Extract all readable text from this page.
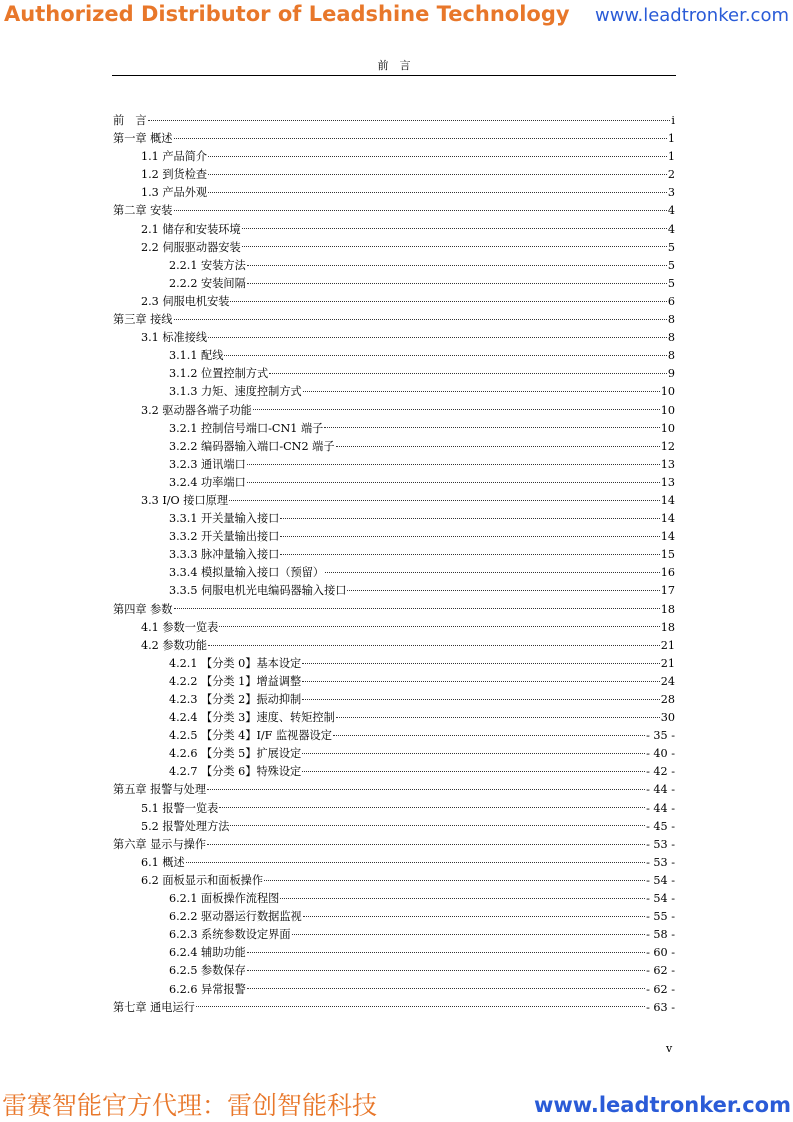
Authorized Distributor of Leadshine Technology www.leadtronker.com
前　言
前　言	i
第一章 概述	1
1.1 产品简介	1
1.2 到货检查	2
1.3 产品外观	3
第二章 安装	4
2.1 储存和安装环境	4
2.2 伺服驱动器安装	5
2.2.1 安装方法	5
2.2.2 安装间隔	5
2.3 伺服电机安装	6
第三章 接线	8
3.1 标准接线	8
3.1.1 配线	8
3.1.2 位置控制方式	9
3.1.3 力矩、速度控制方式	10
3.2 驱动器各端子功能	10
3.2.1 控制信号端口-CN1 端子	10
3.2.2 编码器输入端口-CN2 端子	12
3.2.3 通讯端口	13
3.2.4 功率端口	13
3.3 I/O 接口原理	14
3.3.1 开关量输入接口	14
3.3.2 开关量输出接口	14
3.3.3 脉冲量输入接口	15
3.3.4 模拟量输入接口（预留）	16
3.3.5 伺服电机光电编码器输入接口	17
第四章 参数	18
4.1 参数一览表	18
4.2 参数功能	21
4.2.1 【分类 0】基本设定	21
4.2.2 【分类 1】增益调整	24
4.2.3 【分类 2】振动抑制	28
4.2.4 【分类 3】速度、转矩控制	30
4.2.5 【分类 4】I/F 监视器设定	- 35 -
4.2.6 【分类 5】扩展设定	- 40 -
4.2.7 【分类 6】特殊设定	- 42 -
第五章 报警与处理	- 44 -
5.1 报警一览表	- 44 -
5.2 报警处理方法	- 45 -
第六章 显示与操作	- 53 -
6.1 概述	- 53 -
6.2 面板显示和面板操作	- 54 -
6.2.1 面板操作流程图	- 54 -
6.2.2 驱动器运行数据监视	- 55 -
6.2.3 系统参数设定界面	- 58 -
6.2.4 辅助功能	- 60 -
6.2.5 参数保存	- 62 -
6.2.6 异常报警	- 62 -
第七章 通电运行	- 63 -
v
雷赛智能官方代理：雷创智能科技	www.leadtronker.com
